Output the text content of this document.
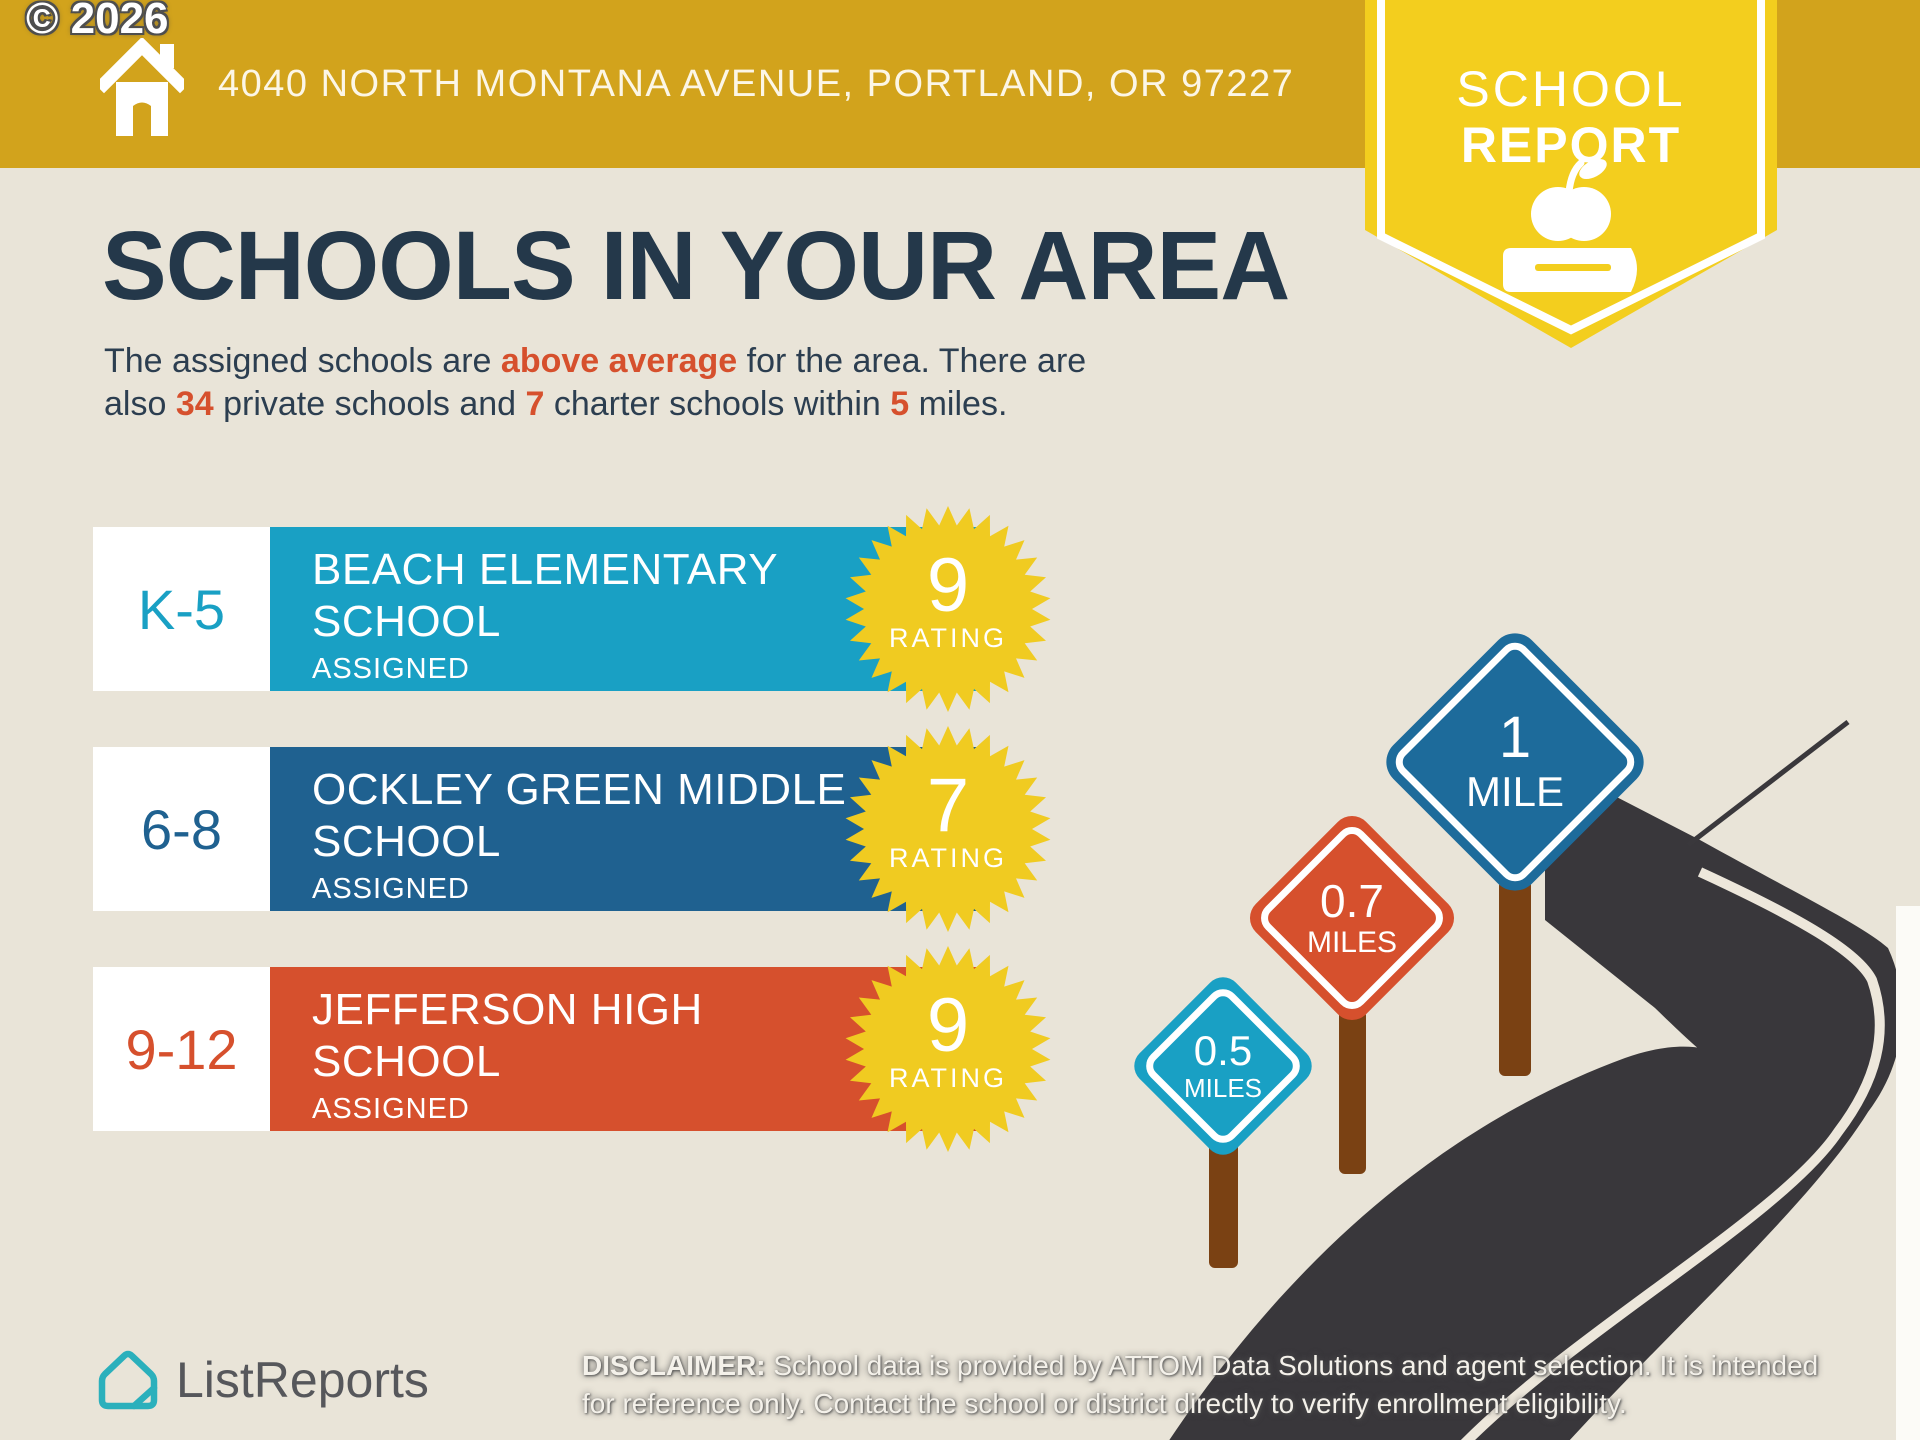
4040 NORTH MONTANA AVENUE, PORTLAND, OR 97227
© 2026
SCHOOL
REPORT
SCHOOLS IN YOUR AREA
The assigned schools are above average for the area. There are
also 34 private schools and 7 charter schools within 5 miles.
K-5
BEACH ELEMENTARY
SCHOOL
ASSIGNED
6-8
OCKLEY GREEN MIDDLE
SCHOOL
ASSIGNED
9-12
JEFFERSON HIGH
SCHOOL
ASSIGNED
9
RATING
7
RATING
9
RATING
1
MILE
0.7
MILES
0.5
MILES
ListReports	DISCLAIMER: School data is provided by ATTOM Data Solutions and agent selection. It is intended
for reference only. Contact the school or district directly to verify enrollment eligibility.
